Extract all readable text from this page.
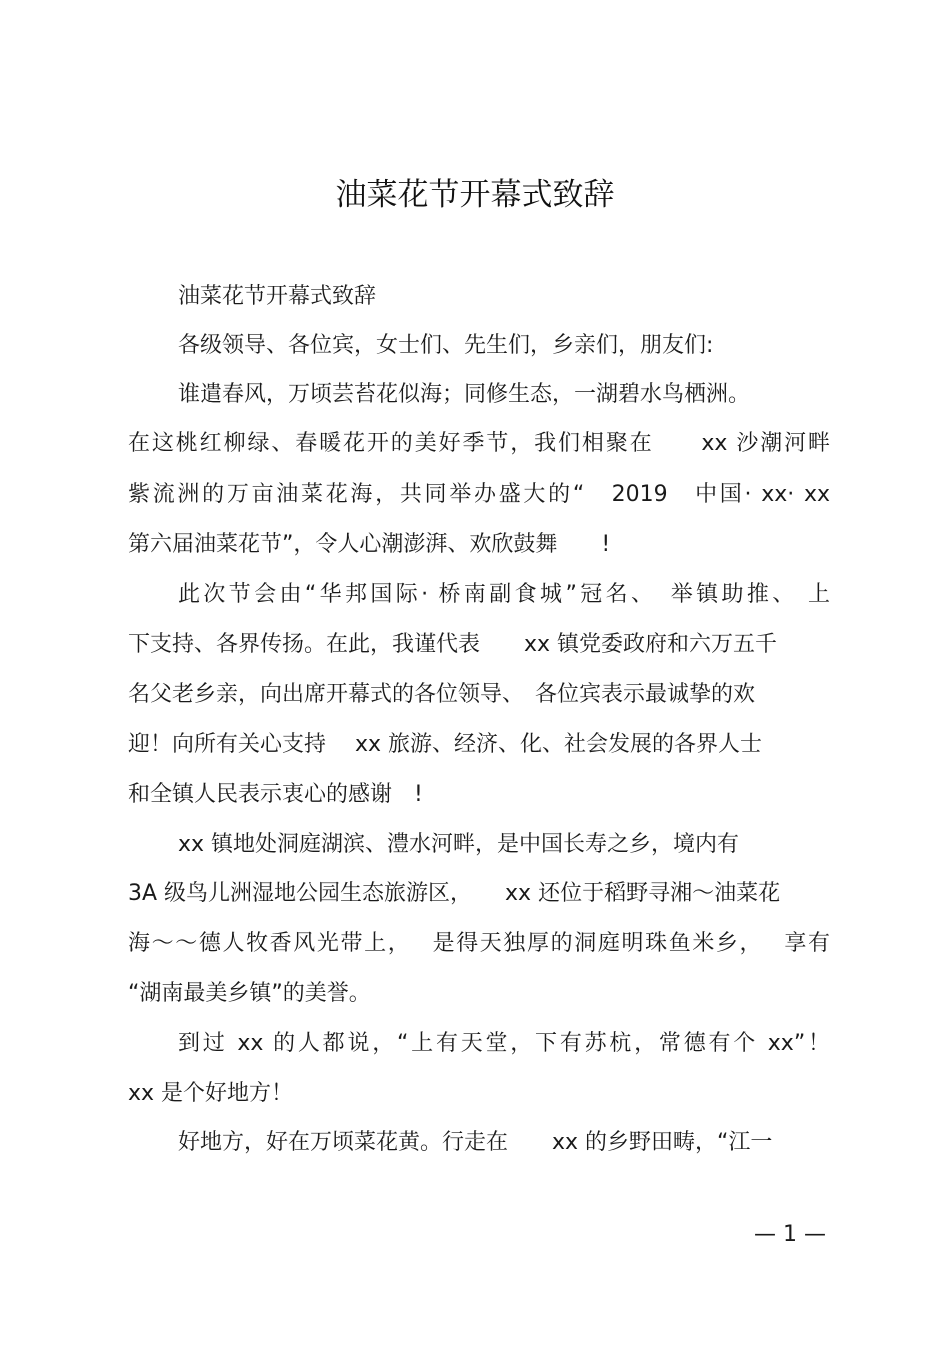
油菜花节开幕式致辞
油菜花节开幕式致辞
各级领导、各位宾，女士们、先生们，乡亲们，朋友们:
谁遣春风，万顷芸苔花似海；同修生态，一湖碧水鸟栖洲。
在这桃红柳绿、春暖花开的美好季节，我们相聚在　　xx 沙潮河畔
紫流洲的万亩油菜花海，共同举办盛大的“　2019　中国· xx· xx
第六届油菜花节”，令人心潮澎湃、欢欣鼓舞　　!
此次节会由“华邦国际· 桥南副食城”冠名、　举镇助推、 上
下支持、各界传扬。在此，我谨代表　　xx 镇党委政府和六万五千
名父老乡亲，向出席开幕式的各位领导、　各位宾表示最诚挚的欢
迎！向所有关心支持　 xx 旅游、经济、化、社会发展的各界人士
和全镇人民表示衷心的感谢　!
xx 镇地处洞庭湖滨、澧水河畔，是中国长寿之乡，境内有
3A 级鸟儿洲湿地公园生态旅游区，　　xx 还位于稻野寻湘～油菜花
海～～德人牧香风光带上，　 是得天独厚的洞庭明珠鱼米乡，　 享有
“湖南最美乡镇”的美誉。
到过 xx 的人都说，“上有天堂，下有苏杭，常德有个 xx”！
xx 是个好地方！
好地方，好在万顷菜花黄。行走在　　xx 的乡野田畴，“江一
— 1 —
